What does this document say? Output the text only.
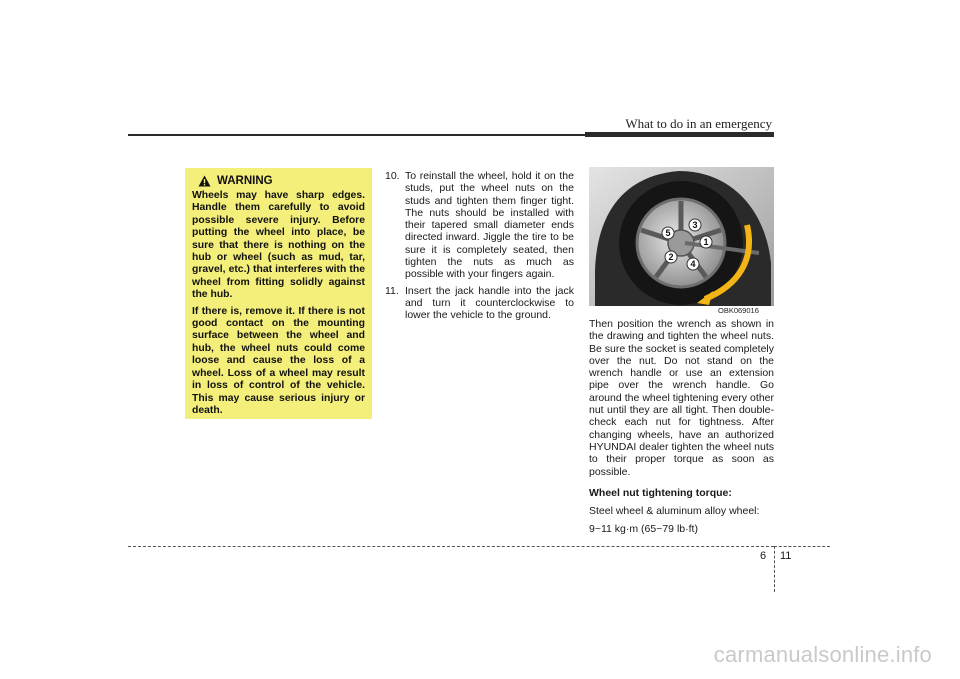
What to do in an emergency
WARNING

Wheels may have sharp edges. Handle them carefully to avoid possible severe injury. Before putting the wheel into place, be sure that there is nothing on the hub or wheel (such as mud, tar, gravel, etc.) that interferes with the wheel from fitting solidly against the hub.

If there is, remove it. If there is not good contact on the mounting surface between the wheel and hub, the wheel nuts could come loose and cause the loss of a wheel. Loss of a wheel may result in loss of control of the vehicle. This may cause serious injury or death.

10. To reinstall the wheel, hold it on the studs, put the wheel nuts on the studs and tighten them finger tight. The nuts should be installed with their tapered small diameter ends directed inward. Jiggle the tire to be sure it is completely seated, then tighten the nuts as much as possible with your fingers again.
11. Insert the jack handle into the jack and turn it counterclockwise to lower the vehicle to the ground.
1
2
3
4
5
OBK069016

Then position the wrench as shown in the drawing and tighten the wheel nuts. Be sure the socket is seated completely over the nut. Do not stand on the wrench handle or use an extension pipe over the wrench handle. Go around the wheel tightening every other nut until they are all tight. Then double-check each nut for tightness. After changing wheels, have an authorized HYUNDAI dealer tighten the wheel nuts to their proper torque as soon as possible.

Wheel nut tightening torque:

Steel wheel & aluminum alloy wheel:

9~11 kg·m (65~79 lb·ft)

6 11
carmanualsonline.info
